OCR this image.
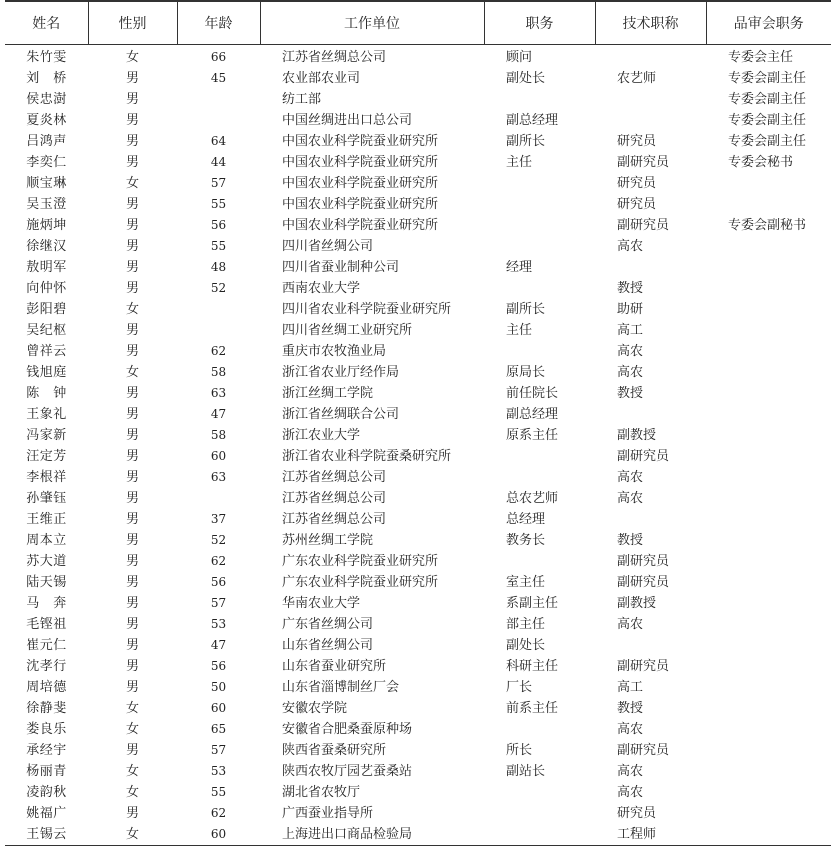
姓名	性别	年龄	工作单位	职务	技术职称	品审会职务
朱竹雯	女	66	江苏省丝绸总公司	顾问		专委会主任
刘　桥	男	45	农业部农业司	副处长	农艺师	专委会副主任
侯忠澍	男		纺工部			专委会副主任
夏炎林	男		中国丝绸进出口总公司	副总经理		专委会副主任
吕鸿声	男	64	中国农业科学院蚕业研究所	副所长	研究员	专委会副主任
李奕仁	男	44	中国农业科学院蚕业研究所	主任	副研究员	专委会秘书
顺宝琳	女	57	中国农业科学院蚕业研究所		研究员	
吴玉澄	男	55	中国农业科学院蚕业研究所		研究员	
施炳坤	男	56	中国农业科学院蚕业研究所		副研究员	专委会副秘书
徐继汉	男	55	四川省丝绸公司		高农	
敖明军	男	48	四川省蚕业制种公司	经理		
向仲怀	男	52	西南农业大学		教授	
彭阳碧	女		四川省农业科学院蚕业研究所	副所长	助研	
吴纪枢	男		四川省丝绸工业研究所	主任	高工	
曾祥云	男	62	重庆市农牧渔业局		高农	
钱旭庭	女	58	浙江省农业厅经作局	原局长	高农	
陈　钟	男	63	浙江丝绸工学院	前任院长	教授	
王象礼	男	47	浙江省丝绸联合公司	副总经理		
冯家新	男	58	浙江农业大学	原系主任	副教授	
汪定芳	男	60	浙江省农业科学院蚕桑研究所		副研究员	
李根祥	男	63	江苏省丝绸总公司		高农	
孙肇钰	男		江苏省丝绸总公司	总农艺师	高农	
王维正	男	37	江苏省丝绸总公司	总经理		
周本立	男	52	苏州丝绸工学院	教务长	教授	
苏大道	男	62	广东农业科学院蚕业研究所		副研究员	
陆天锡	男	56	广东农业科学院蚕业研究所	室主任	副研究员	
马　奔	男	57	华南农业大学	系副主任	副教授	
毛铿祖	男	53	广东省丝绸公司	部主任	高农	
崔元仁	男	47	山东省丝绸公司	副处长		
沈孝行	男	56	山东省蚕业研究所	科研主任	副研究员	
周培德	男	50	山东省淄博制丝厂会	厂长	高工	
徐静斐	女	60	安徽农学院	前系主任	教授	
娄良乐	女	65	安徽省合肥桑蚕原种场		高农	
承经宇	男	57	陕西省蚕桑研究所	所长	副研究员	
杨丽青	女	53	陕西农牧厅园艺蚕桑站	副站长	高农	
凌韵秋	女	55	湖北省农牧厅		高农	
姚福广	男	62	广西蚕业指导所		研究员	
王锡云	女	60	上海进出口商品检验局		工程师	
